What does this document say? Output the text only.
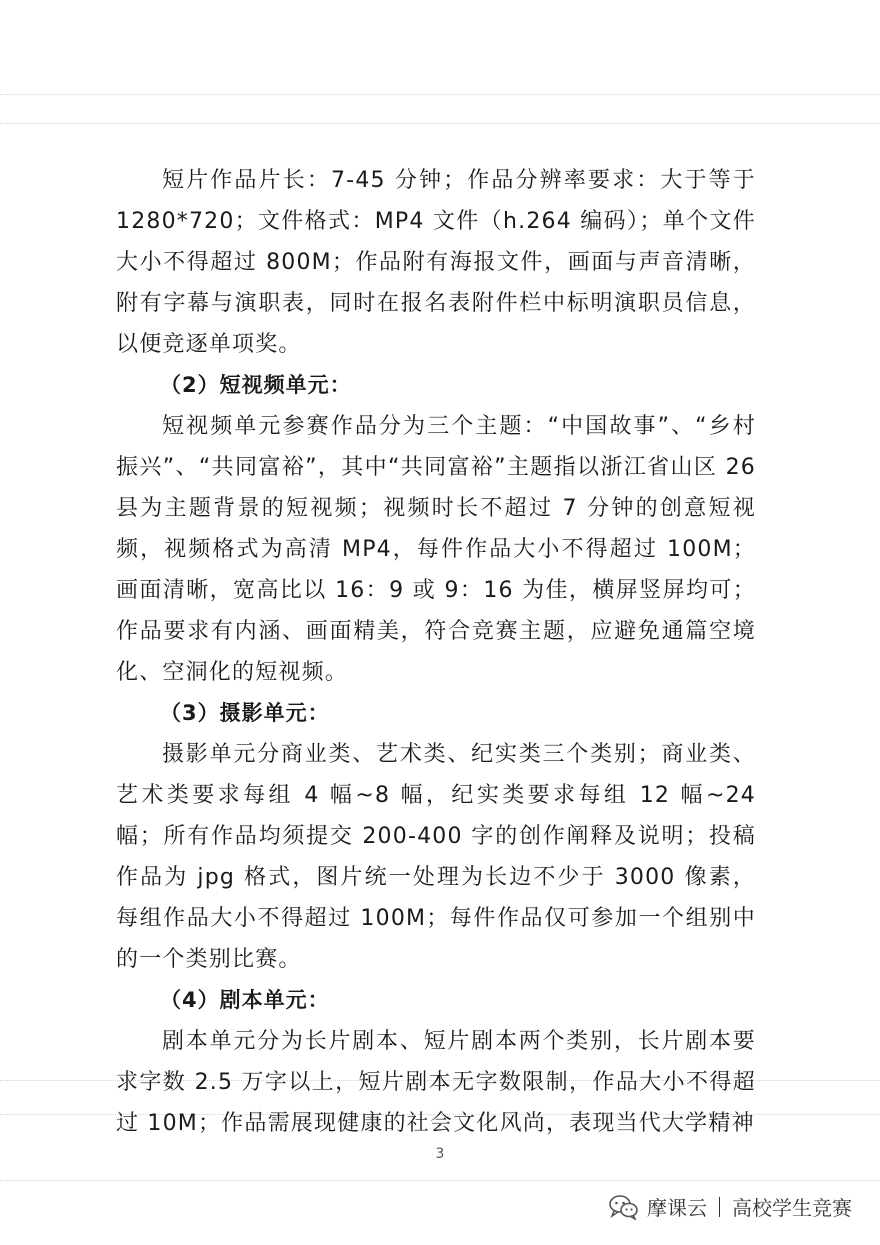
短片作品片长：7-45 分钟；作品分辨率要求：大于等于1280*720；文件格式：MP4 文件（h.264 编码）；单个文件大小不得超过 800M；作品附有海报文件，画面与声音清晰，附有字幕与演职表，同时在报名表附件栏中标明演职员信息，以便竞逐单项奖。

（2）短视频单元：

短视频单元参赛作品分为三个主题：“中国故事”、“乡村振兴”、“共同富裕”，其中“共同富裕”主题指以浙江省山区 26 县为主题背景的短视频；视频时长不超过 7 分钟的创意短视频，视频格式为高清 MP4，每件作品大小不得超过 100M；画面清晰，宽高比以 16：9 或 9：16 为佳，横屏竖屏均可；作品要求有内涵、画面精美，符合竞赛主题，应避免通篇空境化、空洞化的短视频。

（3）摄影单元：

摄影单元分商业类、艺术类、纪实类三个类别；商业类、艺术类要求每组 4 幅~8 幅，纪实类要求每组 12 幅~24 幅；所有作品均须提交 200-400 字的创作阐释及说明；投稿作品为 jpg 格式，图片统一处理为长边不少于 3000 像素，每组作品大小不得超过 100M；每件作品仅可参加一个组别中的一个类别比赛。

（4）剧本单元：

剧本单元分为长片剧本、短片剧本两个类别，长片剧本要求字数 2.5 万字以上，短片剧本无字数限制，作品大小不得超过 10M；作品需展现健康的社会文化风尚，表现当代大学精神

3
摩课云 高校学生竞赛
